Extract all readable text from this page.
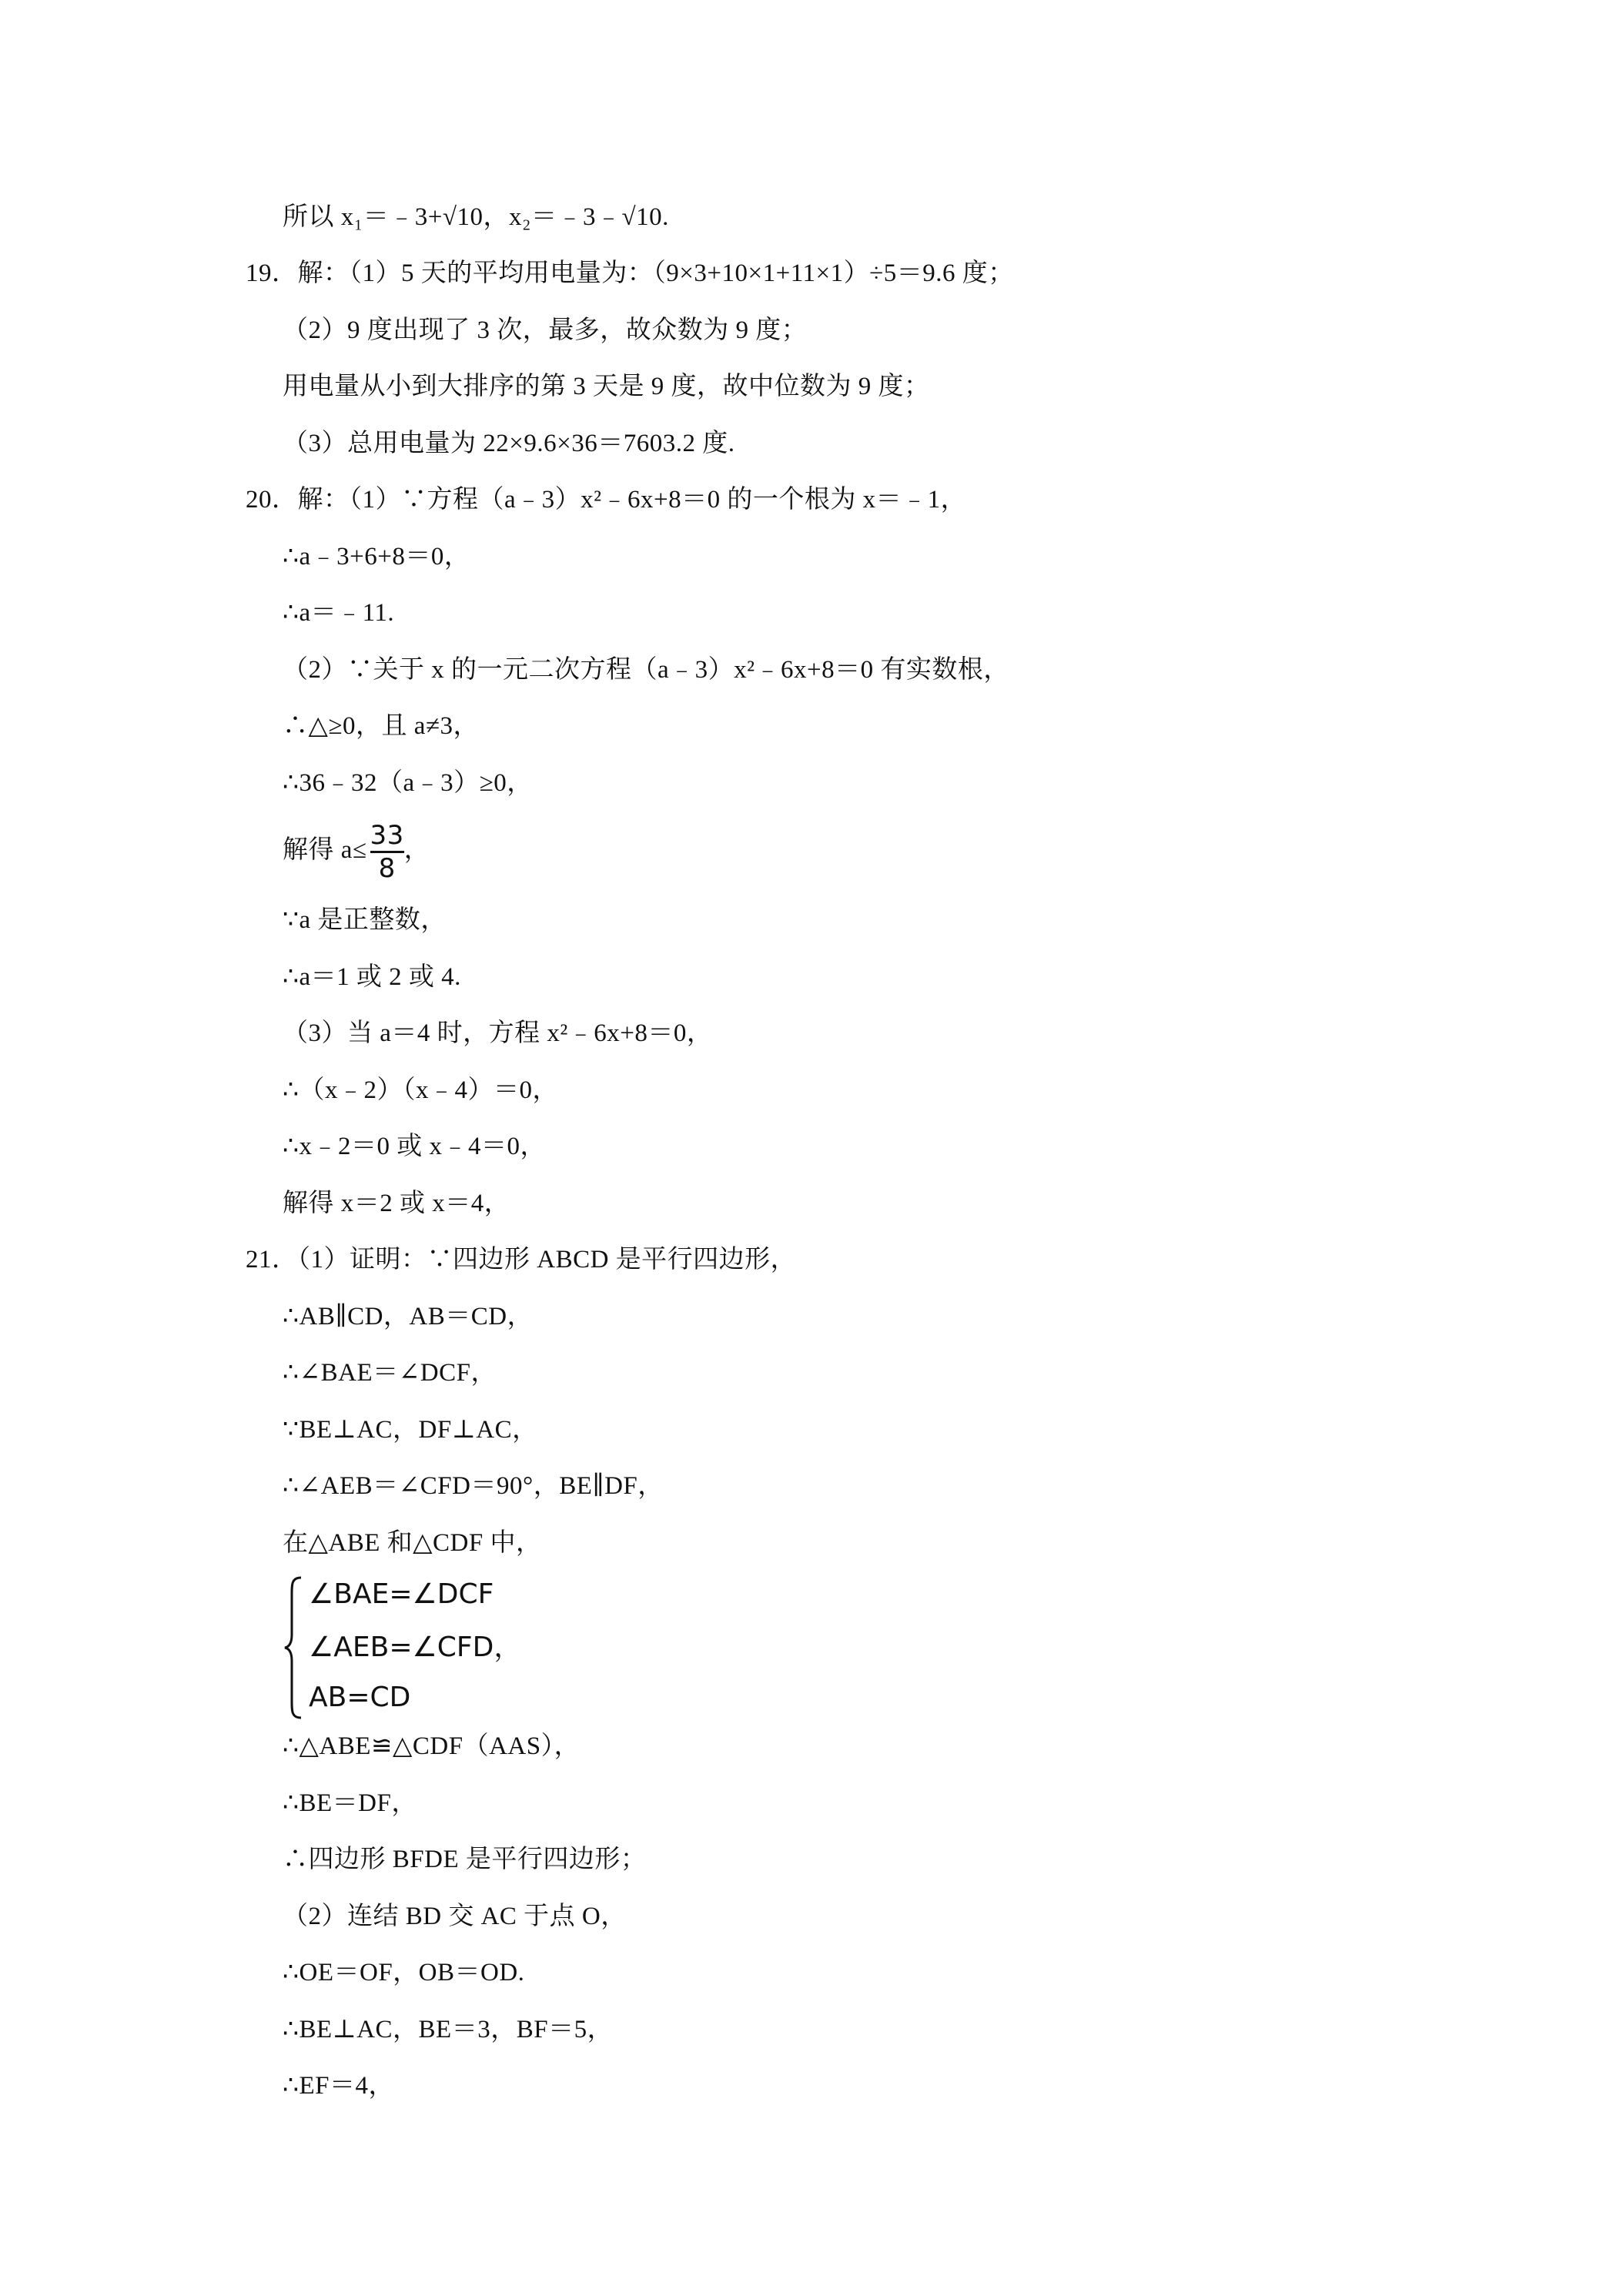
所以 x₁＝﹣3+√10，x₂＝﹣3﹣√10.
19．解：（1）5 天的平均用电量为：（9×3+10×1+11×1）÷5＝9.6 度；
（2）9 度出现了 3 次，最多，故众数为 9 度；
用电量从小到大排序的第 3 天是 9 度，故中位数为 9 度；
（3）总用电量为 22×9.6×36＝7603.2 度.
20．解：（1）∵方程（a﹣3）x²﹣6x+8＝0 的一个根为 x＝﹣1，
∴a﹣3+6+8＝0，
∴a＝﹣11.
（2）∵关于 x 的一元二次方程（a﹣3）x²﹣6x+8＝0 有实数根，
∴△≥0，且 a≠3，
∴36﹣32（a﹣3）≥0，
解得 $a\le \frac{33}{8}$ ，
∵a 是正整数，
∴a＝1 或 2 或 4.
（3）当 a＝4 时，方程 x²﹣6x+8＝0，
∴（x﹣2）（x﹣4）＝0，
∴x﹣2＝0 或 x﹣4＝0，
解得 x＝2 或 x＝4，
21．（1）证明：∵四边形 ABCD 是平行四边形，
∴AB∥CD，AB＝CD，
∴∠BAE＝∠DCF，
∵BE⊥AC，DF⊥AC，
∴∠AEB＝∠CFD＝90°，BE∥DF，
在△ABE 和△CDF 中，
∠BAE=∠DCF
∠AEB=∠CFD，
AB=CD
∴△ABE≌△CDF（AAS），
∴BE＝DF，
∴四边形 BFDE 是平行四边形；
（2）连结 BD 交 AC 于点 O，
∴OE＝OF，OB＝OD.
∴BE⊥AC，BE＝3，BF＝5，
∴EF＝4，
